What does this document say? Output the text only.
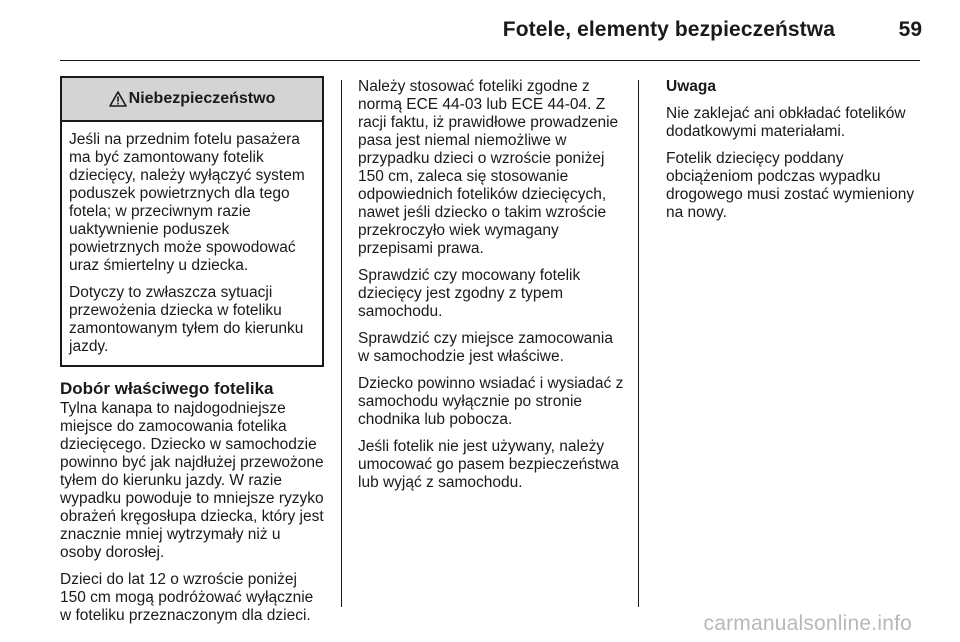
Fotele, elementy bezpieczeństwa	59
Niebezpieczeństwo

Jeśli na przednim fotelu pasażera ma być zamontowany fotelik dziecięcy, należy wyłączyć system poduszek powietrznych dla tego fotela; w przeciwnym razie uaktywnienie poduszek powietrznych może spowodować uraz śmiertelny u dziecka.

Dotyczy to zwłaszcza sytuacji przewożenia dziecka w foteliku zamontowanym tyłem do kierunku jazdy.

Dobór właściwego fotelika

Tylna kanapa to najdogodniejsze miejsce do zamocowania fotelika dziecięcego. Dziecko w samochodzie powinno być jak najdłużej przewożone tyłem do kierunku jazdy. W razie wypadku powoduje to mniejsze ryzyko obrażeń kręgosłupa dziecka, który jest znacznie mniej wytrzymały niż u osoby dorosłej.

Dzieci do lat 12 o wzroście poniżej 150 cm mogą podróżować wyłącznie w foteliku przeznaczonym dla dzieci.

Należy stosować foteliki zgodne z normą ECE 44-03 lub ECE 44-04. Z racji faktu, iż prawidłowe prowadzenie pasa jest niemal niemożliwe w przypadku dzieci o wzroście poniżej 150 cm, zaleca się stosowanie odpowiednich fotelików dziecięcych, nawet jeśli dziecko o takim wzroście przekroczyło wiek wymagany przepisami prawa.

Sprawdzić czy mocowany fotelik dziecięcy jest zgodny z typem samochodu.

Sprawdzić czy miejsce zamocowania w samochodzie jest właściwe.

Dziecko powinno wsiadać i wysiadać z samochodu wyłącznie po stronie chodnika lub pobocza.

Jeśli fotelik nie jest używany, należy umocować go pasem bezpieczeństwa lub wyjąć z samochodu.

Uwaga

Nie zaklejać ani obkładać fotelików dodatkowymi materiałami.

Fotelik dziecięcy poddany obciążeniom podczas wypadku drogowego musi zostać wymieniony na nowy.

carmanualsonline.info
